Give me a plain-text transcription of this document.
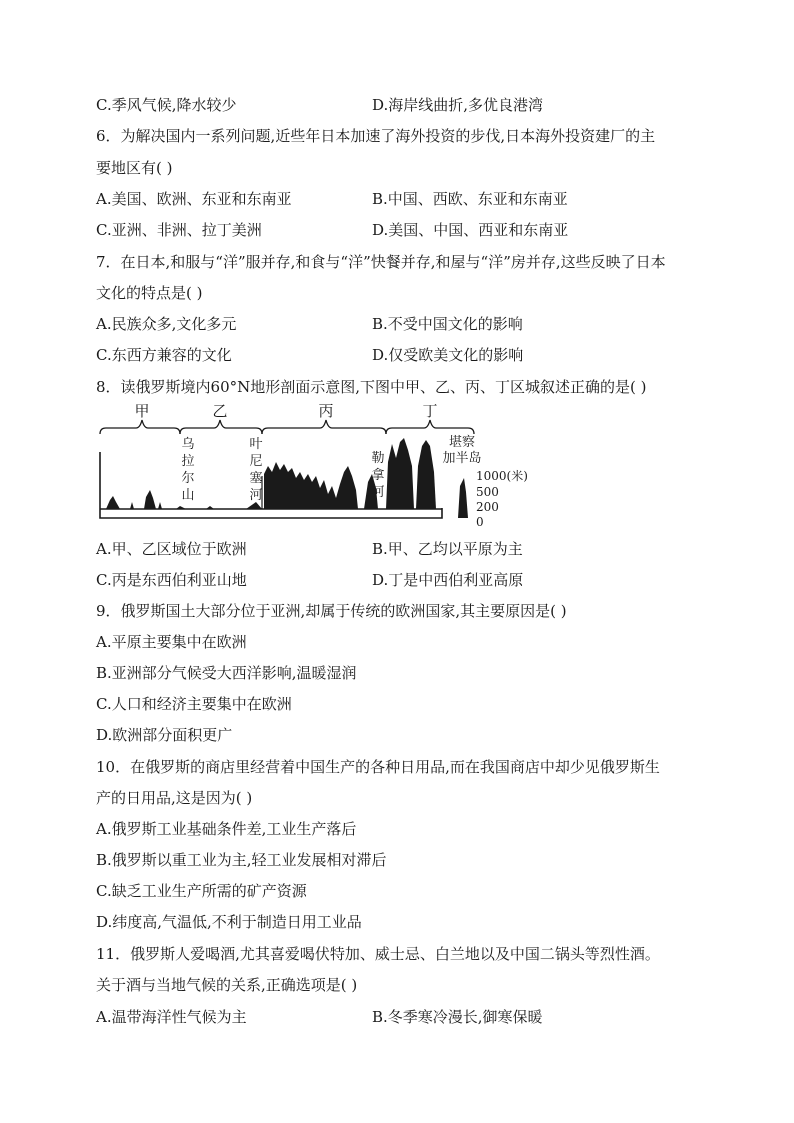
C.季风气候,降水较少	D.海岸线曲折,多优良港湾
6．为解决国内一系列问题,近些年日本加速了海外投资的步伐,日本海外投资建厂的主
要地区有( )
A.美国、欧洲、东亚和东南亚	B.中国、西欧、东亚和东南亚
C.亚洲、非洲、拉丁美洲	D.美国、中国、西亚和东南亚
7．在日本,和服与“洋”服并存,和食与“洋”快餐并存,和屋与“洋”房并存,这些反映了日本
文化的特点是( )
A.民族众多,文化多元	B.不受中国文化的影响
C.东西方兼容的文化	D.仅受欧美文化的影响
8．读俄罗斯境内60°N地形剖面示意图,下图中甲、乙、丙、丁区城叙述正确的是( )
甲	乙	丙	丁
乌
拉
尔
山
叶
尼
塞
河
勒
拿
河
堪察
加半岛
1000(米)
500
200
0
A.甲、乙区域位于欧洲	B.甲、乙均以平原为主
C.丙是东西伯利亚山地	D.丁是中西伯利亚高原
9．俄罗斯国土大部分位于亚洲,却属于传统的欧洲国家,其主要原因是( )
A.平原主要集中在欧洲
B.亚洲部分气候受大西洋影响,温暖湿润
C.人口和经济主要集中在欧洲
D.欧洲部分面积更广
10．在俄罗斯的商店里经营着中国生产的各种日用品,而在我国商店中却少见俄罗斯生
产的日用品,这是因为( )
A.俄罗斯工业基础条件差,工业生产落后
B.俄罗斯以重工业为主,轻工业发展相对滞后
C.缺乏工业生产所需的矿产资源
D.纬度高,气温低,不利于制造日用工业品
11．俄罗斯人爱喝酒,尤其喜爱喝伏特加、威士忌、白兰地以及中国二锅头等烈性酒。
关于酒与当地气候的关系,正确选项是( )
A.温带海洋性气候为主	B.冬季寒冷漫长,御寒保暖
